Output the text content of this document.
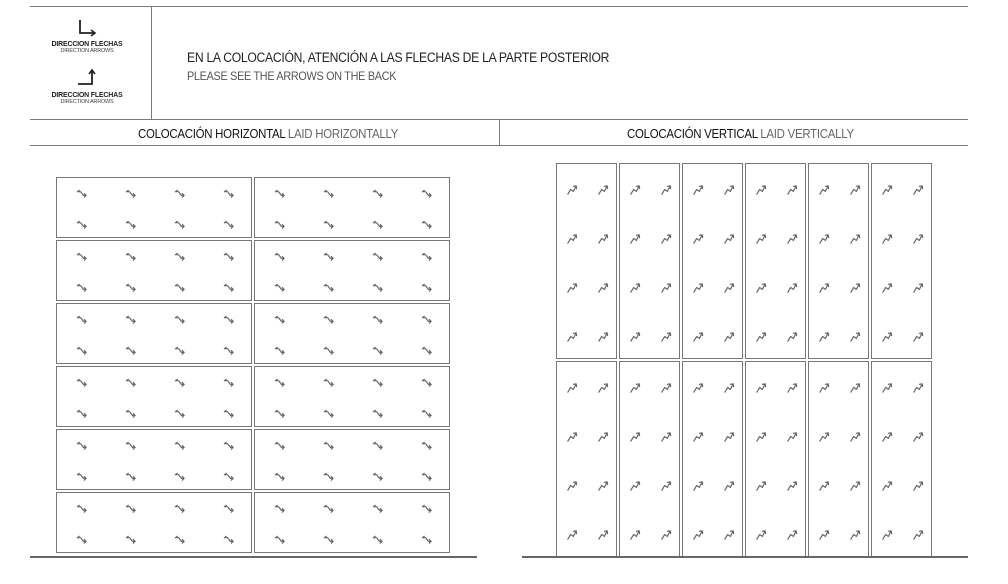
DIRECCION FLECHAS
DIRECTION ARROWS
DIRECCION FLECHAS
DIRECTION ARROWS
EN LA COLOCACIÓN, ATENCIÓN A LAS FLECHAS DE LA PARTE POSTERIOR
PLEASE SEE THE ARROWS ON THE BACK
COLOCACIÓN HORIZONTAL LAID HORIZONTALLY	COLOCACIÓN VERTICAL LAID VERTICALLY
